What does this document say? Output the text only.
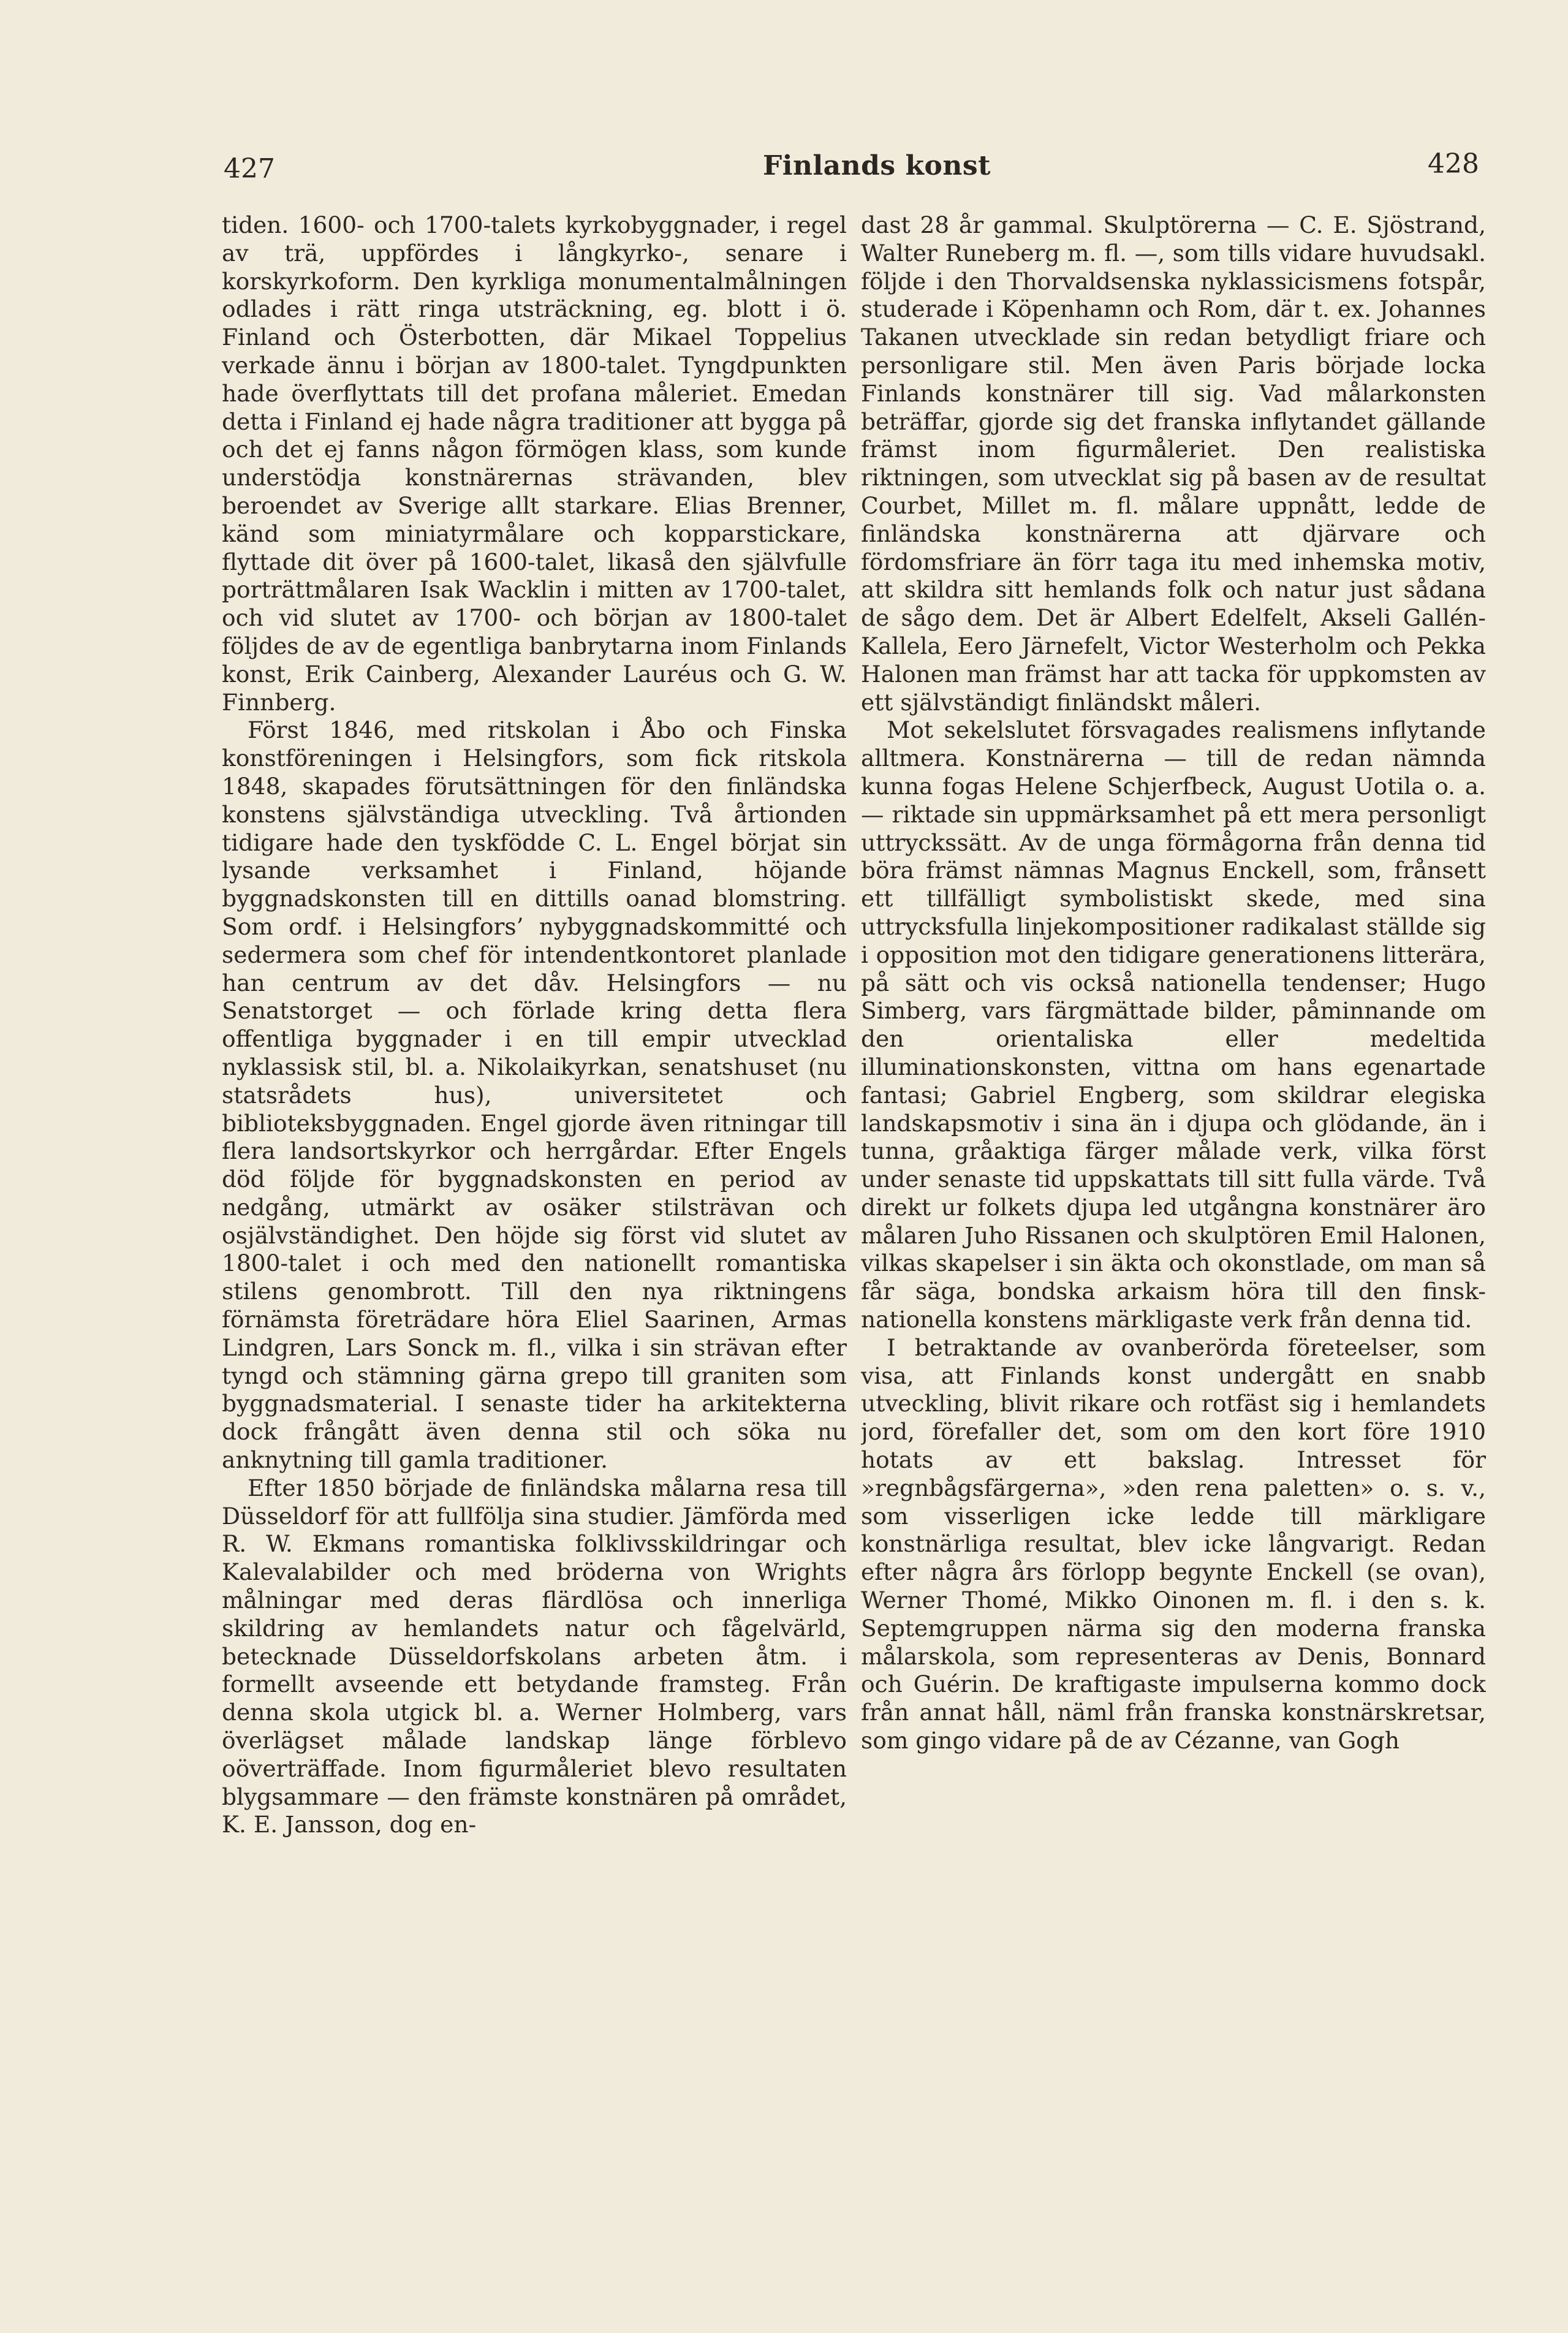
427	Finlands konst	428

tiden. 1600- och 1700-talets kyrkobyggnader, i regel av trä, uppfördes i långkyrko-, senare i korskyrkoform. Den kyrkliga monumentalmålningen odlades i rätt ringa utsträckning, eg. blott i ö. Finland och Österbotten, där Mikael Toppelius verkade ännu i början av 1800-talet. Tyngdpunkten hade överflyttats till det profana måleriet. Emedan detta i Finland ej hade några traditioner att bygga på och det ej fanns någon förmögen klass, som kunde understödja konstnärernas strävanden, blev beroendet av Sverige allt starkare. Elias Brenner, känd som miniatyrmålare och kopparstickare, flyttade dit över på 1600-talet, likaså den självfulle porträttmålaren Isak Wacklin i mitten av 1700-talet, och vid slutet av 1700- och början av 1800-talet följdes de av de egentliga banbrytarna inom Finlands konst, Erik Cainberg, Alexander Lauréus och G. W. Finnberg.

Först 1846, med ritskolan i Åbo och Finska konstföreningen i Helsingfors, som fick ritskola 1848, skapades förutsättningen för den finländska konstens självständiga utveckling. Två årtionden tidigare hade den tyskfödde C. L. Engel börjat sin lysande verksamhet i Finland, höjande byggnadskonsten till en dittills oanad blomstring. Som ordf. i Helsingfors’ nybyggnadskommitté och sedermera som chef för intendentkontoret planlade han centrum av det dåv. Helsingfors — nu Senatstorget — och förlade kring detta flera offentliga byggnader i en till empir utvecklad nyklassisk stil, bl. a. Nikolaikyrkan, senatshuset (nu statsrådets hus), universitetet och biblioteksbyggnaden. Engel gjorde även ritningar till flera landsortskyrkor och herrgårdar. Efter Engels död följde för byggnadskonsten en period av nedgång, utmärkt av osäker stilsträvan och osjälvständighet. Den höjde sig först vid slutet av 1800-talet i och med den nationellt romantiska stilens genombrott. Till den nya riktningens förnämsta företrädare höra Eliel Saarinen, Armas Lindgren, Lars Sonck m. fl., vilka i sin strävan efter tyngd och stämning gärna grepo till graniten som byggnadsmaterial. I senaste tider ha arkitekterna dock frångått även denna stil och söka nu anknytning till gamla traditioner.

Efter 1850 började de finländska målarna resa till Düsseldorf för att fullfölja sina studier. Jämförda med R. W. Ekmans romantiska folklivsskildringar och Kalevalabilder och med bröderna von Wrights målningar med deras flärdlösa och innerliga skildring av hemlandets natur och fågelvärld, betecknade Düsseldorfskolans arbeten åtm. i formellt avseende ett betydande framsteg. Från denna skola utgick bl. a. Werner Holmberg, vars överlägset målade landskap länge förblevo oöverträffade. Inom figurmåleriet blevo resultaten blygsammare — den främste konstnären på området, K. E. Jansson, dog en-

dast 28 år gammal. Skulptörerna — C. E. Sjöstrand, Walter Runeberg m. fl. —, som tills vidare huvudsakl. följde i den Thorvaldsenska nyklassicismens fotspår, studerade i Köpenhamn och Rom, där t. ex. Johannes Takanen utvecklade sin redan betydligt friare och personligare stil. Men även Paris började locka Finlands konstnärer till sig. Vad målarkonsten beträffar, gjorde sig det franska inflytandet gällande främst inom figurmåleriet. Den realistiska riktningen, som utvecklat sig på basen av de resultat Courbet, Millet m. fl. målare uppnått, ledde de finländska konstnärerna att djärvare och fördomsfriare än förr taga itu med inhemska motiv, att skildra sitt hemlands folk och natur just sådana de sågo dem. Det är Albert Edelfelt, Akseli Gallén-Kallela, Eero Järnefelt, Victor Westerholm och Pekka Halonen man främst har att tacka för uppkomsten av ett självständigt finländskt måleri.

Mot sekelslutet försvagades realismens inflytande alltmera. Konstnärerna — till de redan nämnda kunna fogas Helene Schjerfbeck, August Uotila o. a. — riktade sin uppmärksamhet på ett mera personligt uttryckssätt. Av de unga förmågorna från denna tid böra främst nämnas Magnus Enckell, som, frånsett ett tillfälligt symbolistiskt skede, med sina uttrycksfulla linjekompositioner radikalast ställde sig i opposition mot den tidigare generationens litterära, på sätt och vis också nationella tendenser; Hugo Simberg, vars färgmättade bilder, påminnande om den orientaliska eller medeltida illuminationskonsten, vittna om hans egenartade fantasi; Gabriel Engberg, som skildrar elegiska landskapsmotiv i sina än i djupa och glödande, än i tunna, gråaktiga färger målade verk, vilka först under senaste tid uppskattats till sitt fulla värde. Två direkt ur folkets djupa led utgångna konstnärer äro målaren Juho Rissanen och skulptören Emil Halonen, vilkas skapelser i sin äkta och okonstlade, om man så får säga, bondska arkaism höra till den finsk-nationella konstens märkligaste verk från denna tid.

I betraktande av ovanberörda företeelser, som visa, att Finlands konst undergått en snabb utveckling, blivit rikare och rotfäst sig i hemlandets jord, förefaller det, som om den kort före 1910 hotats av ett bakslag. Intresset för »regnbågsfärgerna», »den rena paletten» o. s. v., som visserligen icke ledde till märkligare konstnärliga resultat, blev icke långvarigt. Redan efter några års förlopp begynte Enckell (se ovan), Werner Thomé, Mikko Oinonen m. fl. i den s. k. Septemgruppen närma sig den moderna franska målarskola, som representeras av Denis, Bonnard och Guérin. De kraftigaste impulserna kommo dock från annat håll, näml från franska konstnärskretsar, som gingo vidare på de av Cézanne, van Gogh
